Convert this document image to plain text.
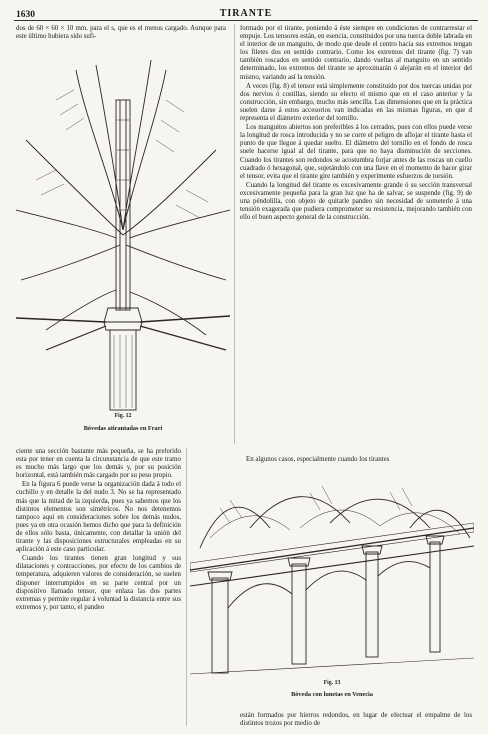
1630	TIRANTE

dos de 60 × 60 × 10 mm. para el s, que es el menos cargado. Aunque para este último hubiera sido sufi-

Fig. 12
Bóvedas atirantadas en Frari

formado por el tirante, poniendo á éste siempre en condiciones de contrarrestar el empuje. Los tensores están, en esencia, constituidos por una tuerca doble labrada en el interior de un manguito, de modo que desde el centro hacia sus extremos tengan los filetes dos en sentido contrario. Como los extremos del tirante (fig. 7) van también roscados en sentido contrario, dando vueltas al manguito en un sentido determinado, los extremos del tirante se aproximarán ó alejarán en el interior del mismo, variando así la tensión.

A veces (fig. 8) el tensor está simplemente constituido por dos tuercas unidas por dos nervios ó costillas, siendo su efecto el mismo que en el caso anterior y la construcción, sin embargo, mucho más sencilla. Las dimensiones que en la práctica suelen darse á estos accesorios van indicadas en las mismas figuras, en que d representa el diámetro exterior del tornillo.

Los manguitos abiertos son preferibles á los cerrados, pues con ellos puede verse la longitud de rosca introducida y no se corre el peligro de aflojar el tirante hasta el punto de que llegue á quedar suelto. El diámetro del tornillo en el fondo de rosca suele hacerse igual al del tirante, para que no haya disminución de secciones. Cuando los tirantes son redondos se acostumbra forjar antes de las roscas un cuello cuadrado ó hexagonal, que, sujetándolo con una llave en el momento de hacer girar el tensor, evita que el tirante gire también y experimente esfuerzos de torsión.

Cuando la longitud del tirante es excesivamente grande ó su sección transversal excesivamente pequeña para la gran luz que ha de salvar, se suspende (fig. 9) de una péndolilla, con objeto de quitarle pandeo sin necesidad de someterle á una tensión exagerada que pudiera comprometer su resistencia, mejorando también con ello el buen aspecto general de la construcción.

ciente una sección bastante más pequeña, se ha preferido esta por tener en cuenta la circunstancia de que este tramo es mucho más largo que los demás y, por su posición horizontal, está también más cargado por su peso propio.

En la figura 6 puede verse la organización dada á todo el cuchillo y en detalle la del nudo 3. No se ha representado más que la mitad de la izquierda, pues ya sabemos que los distintos elementos son simétricos. No nos detenemos tampoco aquí en consideraciones sobre los demás nudos, pues ya en otra ocasión hemos dicho que para la definición de ellos sólo basta, únicamente, con detallar la unión del tirante y las disposiciones estructurales empleadas en su aplicación á este caso particular.

Cuando los tirantes tienen gran longitud y sus dilataciones y contracciones, por efecto de los cambios de temperatura, adquieren valores de consideración, se suelen disponer interrumpidos en su parte central por un dispositivo llamado tensor, que enlaza las dos partes extremas y permite regular á voluntad la distancia entre sus extremos y, por tanto, el pandeo

En algunos casos, especialmente cuando los tirantes

Fig. 13
Bóveda con lunetas en Venecia

están formados por hierros redondos, en lugar de efectuar el empalme de los distintos trozos por medio de
